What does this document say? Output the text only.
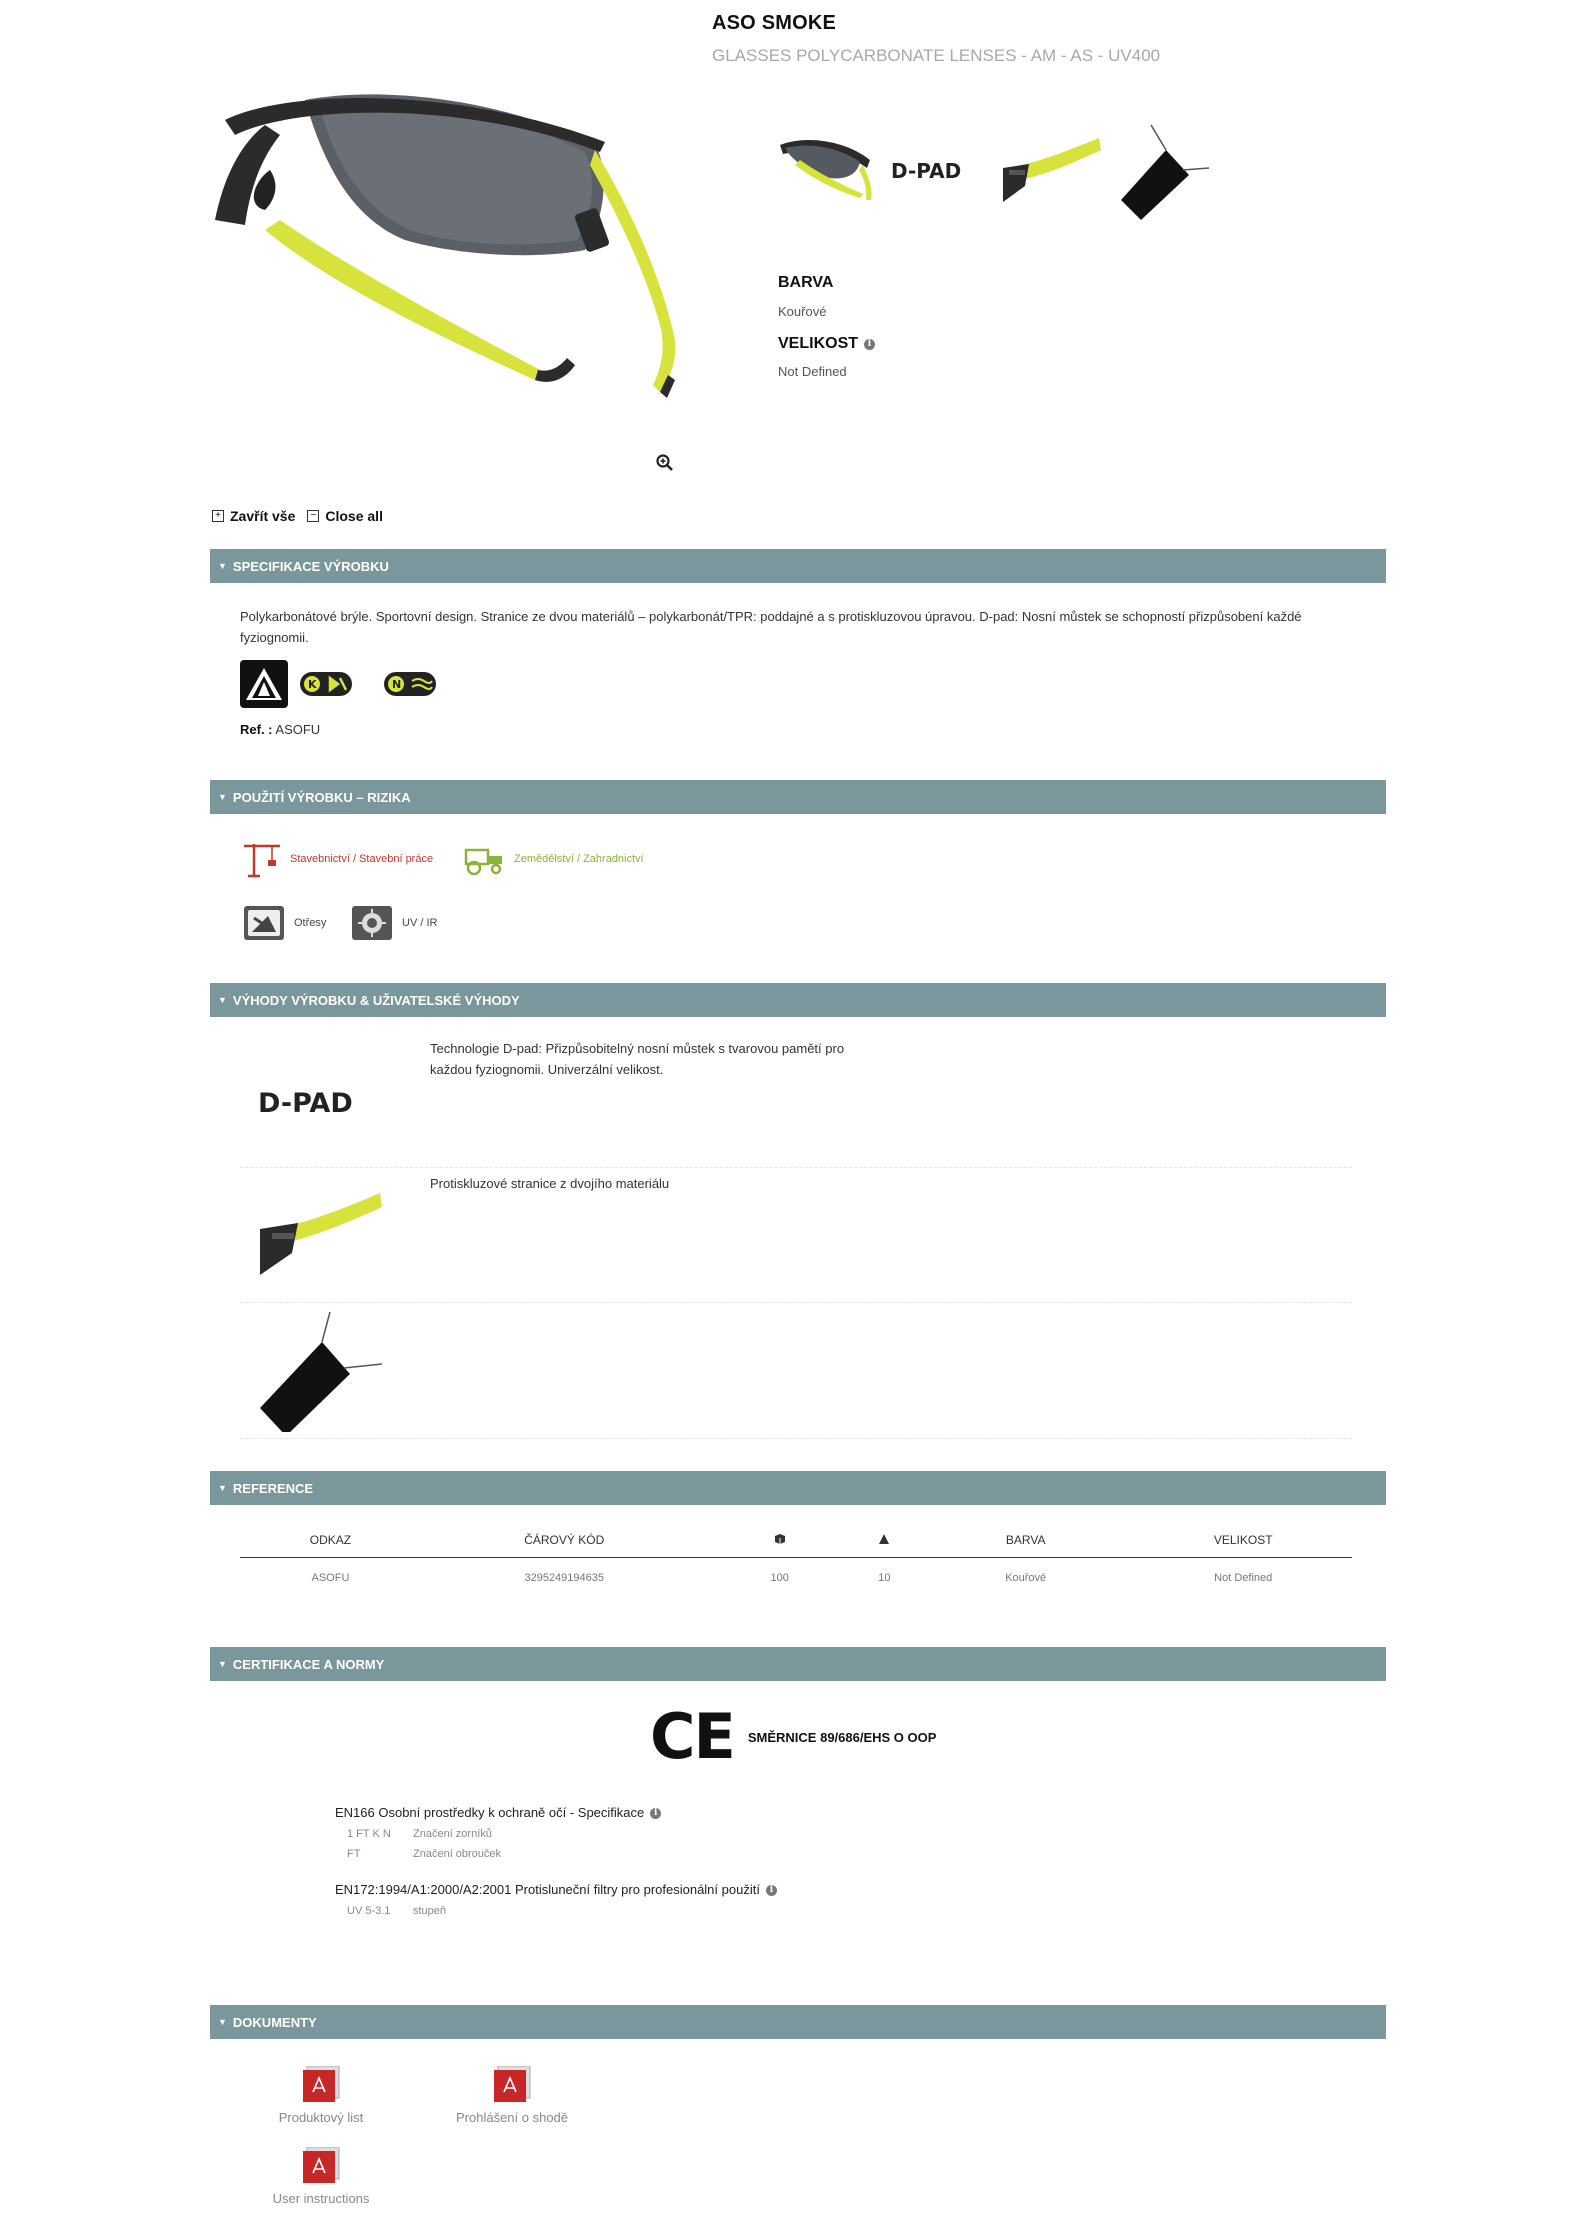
ASO SMOKE
GLASSES POLYCARBONATE LENSES - AM - AS - UV400
D-PAD
BARVA
Kouřové
VELIKOST	i
Not Defined
+ Zavřít vše	− Close all
▼ SPECIFIKACE VÝROBKU
Polykarbonátové brýle. Sportovní design. Stranice ze dvou materiálů – polykarbonát/TPR: poddajné a s protiskluzovou úpravou. D-pad: Nosní můstek se schopností přizpůsobení každé fyziognomii.
K	N
Ref. : ASOFU
▼ POUŽITÍ VÝROBKU – RIZIKA
Stavebnictví / Stavební práce	Zemědělství / Zahradnictví
Otřesy	UV / IR
▼ VÝHODY VÝROBKU & UŽIVATELSKÉ VÝHODY
D-PAD
Technologie D-pad: Přizpůsobitelný nosní můstek s tvarovou pamětí pro každou fyziognomii. Univerzální velikost.
Protiskluzové stranice z dvojího materiálu
▼ REFERENCE
ODKAZ	ČÁROVÝ KÓD			BARVA	VELIKOST
ASOFU	3295249194635	100	10	Kouřové	Not Defined
▼ CERTIFIKACE A NORMY
CE SMĚRNICE 89/686/EHS O OOP
EN166 Osobní prostředky k ochraně očí - Specifikace i
1 FT K N Značení zorníků
FT	Značení obrouček
EN172:1994/A1:2000/A2:2001 Protisluneční filtry pro profesionální použití i
UV 5-3.1 stupeň
▼ DOKUMENTY
Produktový list	Prohlášení o shodě
User instructions
